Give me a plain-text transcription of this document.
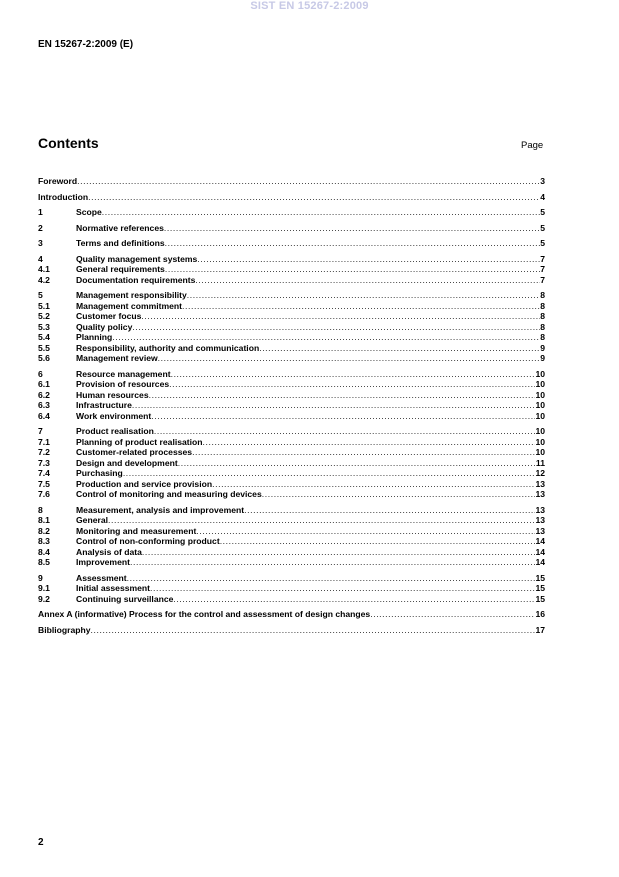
SIST EN 15267-2:2009
EN 15267-2:2009 (E)
Contents	Page
Foreword .....	3
Introduction .....	4
1	Scope .....	5
2	Normative references .....	5
3	Terms and definitions .....	5
4	Quality management systems .....	7
4.1	General requirements .....	7
4.2	Documentation requirements .....	7
5	Management responsibility .....	8
5.1	Management commitment .....	8
5.2	Customer focus .....	8
5.3	Quality policy .....	8
5.4	Planning .....	8
5.5	Responsibility, authority and communication .....	9
5.6	Management review .....	9
6	Resource management .....	10
6.1	Provision of resources .....	10
6.2	Human resources .....	10
6.3	Infrastructure .....	10
6.4	Work environment .....	10
7	Product realisation .....	10
7.1	Planning of product realisation .....	10
7.2	Customer-related processes .....	10
7.3	Design and development .....	11
7.4	Purchasing .....	12
7.5	Production and service provision .....	13
7.6	Control of monitoring and measuring devices .....	13
8	Measurement, analysis and improvement .....	13
8.1	General .....	13
8.2	Monitoring and measurement .....	13
8.3	Control of non-conforming product .....	14
8.4	Analysis of data .....	14
8.5	Improvement .....	14
9	Assessment .....	15
9.1	Initial assessment .....	15
9.2	Continuing surveillance .....	15
Annex A (informative) Process for the control and assessment of design changes .....	16
Bibliography .....	17
2
